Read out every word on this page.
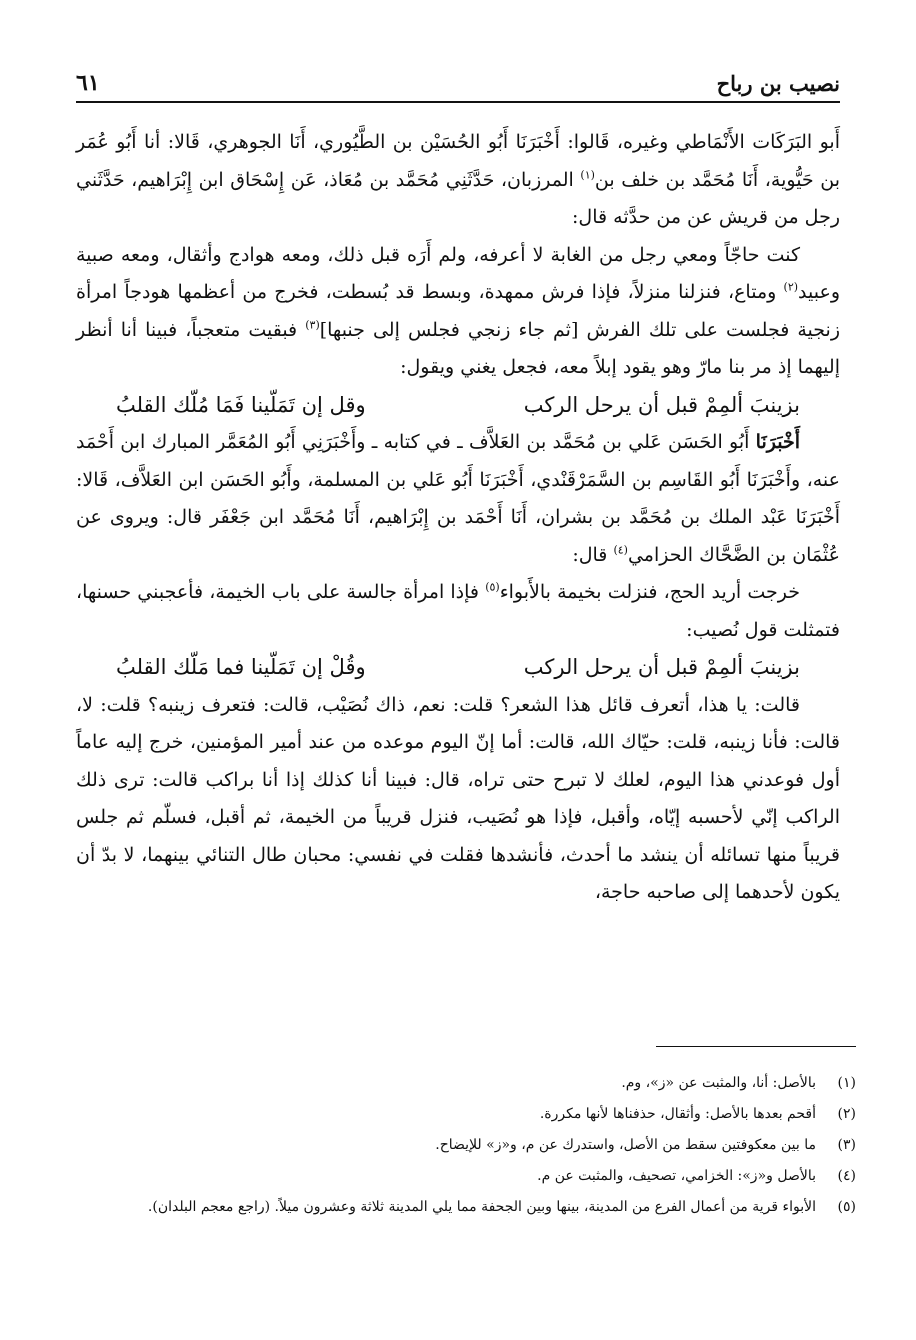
نصيب بن رباح
٦١

أَبو البَرَكَات الأَنْمَاطي وغيره، قَالوا: أَخْبَرَنَا أَبُو الحُسَيْن بن الطَّيُوري، أَنَا الجوهري، قَالا: أنا أَبُو عُمَر بن حَيُّوية، أَنَا مُحَمَّد بن خلف بن$^{(١)}$ المرزبان، حَدَّثَنِي مُحَمَّد بن مُعَاذ، عَن إِسْحَاق ابن إِبْرَاهيم، حَدَّثَني رجل من قريش عن من حدَّثه قال:

كنت حاجّاً ومعي رجل من الغابة لا أعرفه، ولم أَرَه قبل ذلك، ومعه هوادج وأثقال، ومعه صبية وعبيد$^{(٢)}$ ومتاع، فنزلنا منزلاً، فإذا فرش ممهدة، وبسط قد بُسطت، فخرج من أعظمها هودجاً امرأة زنجية فجلست على تلك الفرش [ثم جاء زنجي فجلس إلى جنبها]$^{(٣)}$ فبقيت متعجباً، فبينا أنا أنظر إليهما إذ مر بنا مارّ وهو يقود إبلاً معه، فجعل يغني ويقول:

بزينبَ ألمِمْ قبل أن يرحل الركب
وقل إن تَمَلّينا فَمَا مُلّك القلبُ

أَخْبَرَنَا أَبُو الحَسَن عَلي بن مُحَمَّد بن العَلاَّف ـ في كتابه ـ وأَخْبَرَنِي أَبُو المُعَمَّر المبارك ابن أَحْمَد عنه، وأَخْبَرَنَا أَبُو القَاسِم بن السَّمَرْقَنْدي، أَخْبَرَنَا أَبُو عَلي بن المسلمة، وأَبُو الحَسَن ابن العَلاَّف، قَالا: أَخْبَرَنَا عَبْد الملك بن مُحَمَّد بن بشران، أَنَا أَحْمَد بن إِبْرَاهيم، أَنَا مُحَمَّد ابن جَعْفَر قال: ويروى عن عُثْمَان بن الضَّحَّاك الحزامي$^{(٤)}$ قال:

خرجت أريد الحج، فنزلت بخيمة بالأَبواء$^{(٥)}$ فإذا امرأة جالسة على باب الخيمة، فأعجبني حسنها، فتمثلت قول نُصيب:

بزينبَ ألمِمْ قبل أن يرحل الركب
وقُلْ إن تَمَلّينا فما مَلّك القلبُ

قالت: يا هذا، أتعرف قائل هذا الشعر؟ قلت: نعم، ذاك نُصَيْب، قالت: فتعرف زينبه؟ قلت: لا، قالت: فأنا زينبه، قلت: حيّاك الله، قالت: أما إنّ اليوم موعده من عند أمير المؤمنين، خرج إليه عاماً أول فوعدني هذا اليوم، لعلك لا تبرح حتى تراه، قال: فبينا أنا كذلك إذا أنا براكب قالت: ترى ذلك الراكب إنّي لأحسبه إيّاه، وأقبل، فإذا هو نُصَيب، فنزل قريباً من الخيمة، ثم أقبل، فسلّم ثم جلس قريباً منها تسائله أن ينشد ما أحدث، فأنشدها فقلت في نفسي: محبان طال التنائي بينهما، لا بدّ أن يكون لأحدهما إلى صاحبه حاجة،

(١)
بالأصل: أنا، والمثبت عن «ز»، وم.
(٢)
أقحم بعدها بالأصل: وأثقال، حذفناها لأنها مكررة.
(٣)
ما بين معكوفتين سقط من الأصل، واستدرك عن م، و«ز» للإيضاح.
(٤)
بالأصل و«ز»: الخزامي، تصحيف، والمثبت عن م.
(٥)
الأبواء قرية من أعمال الفرع من المدينة، بينها وبين الجحفة مما يلي المدينة ثلاثة وعشرون ميلاً. (راجع معجم البلدان).
